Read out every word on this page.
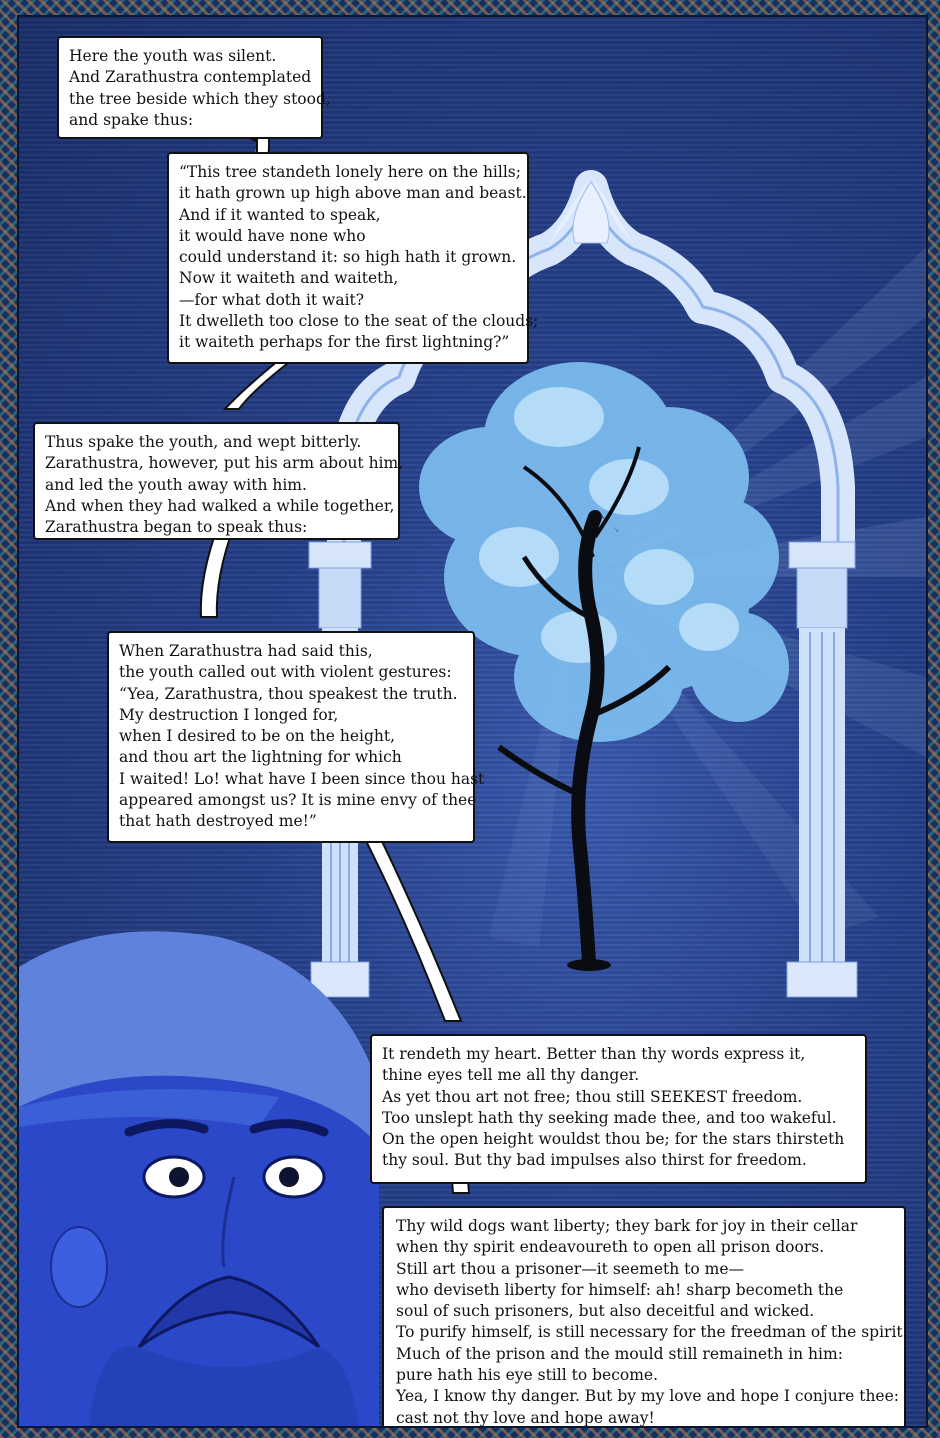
Here the youth was silent.
And Zarathustra contemplated
the tree beside which they stood,
and spake thus:
“This tree standeth lonely here on the hills;
it hath grown up high above man and beast.
And if it wanted to speak,
it would have none who
could understand it: so high hath it grown.
Now it waiteth and waiteth,
—for what doth it wait?
It dwelleth too close to the seat of the clouds;
it waiteth perhaps for the first lightning?”
Thus spake the youth, and wept bitterly.
Zarathustra, however, put his arm about him,
and led the youth away with him.
And when they had walked a while together,
Zarathustra began to speak thus:
When Zarathustra had said this,
the youth called out with violent gestures:
“Yea, Zarathustra, thou speakest the truth.
My destruction I longed for,
when I desired to be on the height,
and thou art the lightning for which
I waited! Lo! what have I been since thou hast
appeared amongst us? It is mine envy of thee
that hath destroyed me!”
It rendeth my heart. Better than thy words express it,
thine eyes tell me all thy danger.
As yet thou art not free; thou still SEEKEST freedom.
Too unslept hath thy seeking made thee, and too wakeful.
On the open height wouldst thou be; for the stars thirsteth
thy soul. But thy bad impulses also thirst for freedom.
Thy wild dogs want liberty; they bark for joy in their cellar
when thy spirit endeavoureth to open all prison doors.
Still art thou a prisoner—it seemeth to me—
who deviseth liberty for himself: ah! sharp becometh the
soul of such prisoners, but also deceitful and wicked.
To purify himself, is still necessary for the freedman of the spirit.
Much of the prison and the mould still remaineth in him:
pure hath his eye still to become.
Yea, I know thy danger. But by my love and hope I conjure thee:
cast not thy love and hope away!
